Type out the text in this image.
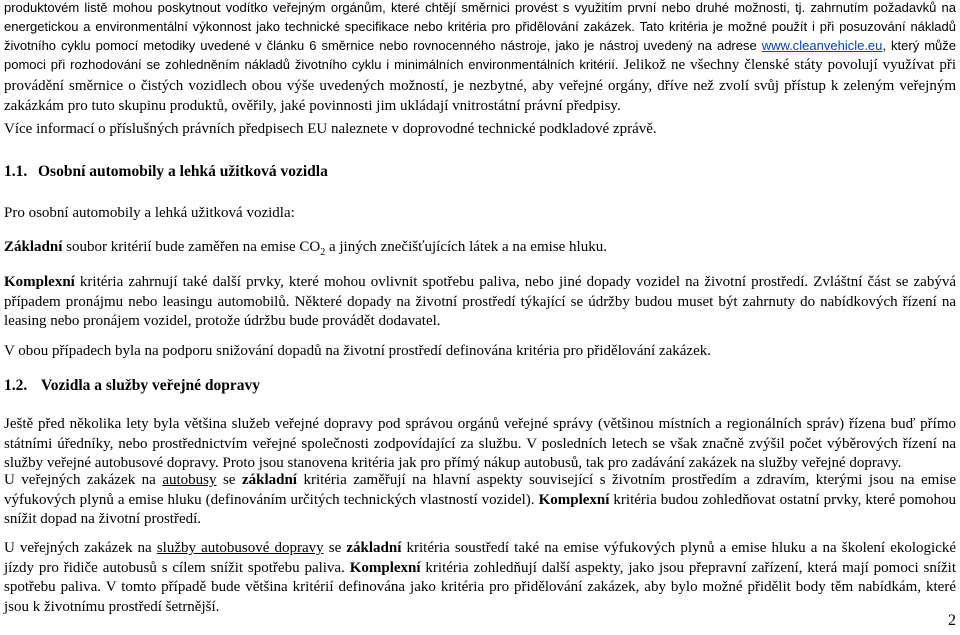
produktovém listě mohou poskytnout vodítko veřejným orgánům, které chtějí směrnici provést s využitím první nebo druhé možnosti, tj. zahrnutím požadavků na energetickou a environmentální výkonnost jako technické specifikace nebo kritéria pro přidělování zakázek. Tato kritéria je možné použít i při posuzování nákladů životního cyklu pomocí metodiky uvedené v článku 6 směrnice nebo rovnocenného nástroje, jako je nástroj uvedený na adrese www.cleanvehicle.eu, který může pomoci při rozhodování se zohledněním nákladů životního cyklu i minimálních environmentálních kritérií. Jelikož ne všechny členské státy povolují využívat při provádění směrnice o čistých vozidlech obou výše uvedených možností, je nezbytné, aby veřejné orgány, dříve než zvolí svůj přístup k zeleným veřejným zakázkám pro tuto skupinu produktů, ověřily, jaké povinnosti jim ukládají vnitrostátní právní předpisy.

Více informací o příslušných právních předpisech EU naleznete v doprovodné technické podkladové zprávě.

1.1. Osobní automobily a lehká užitková vozidla

Pro osobní automobily a lehká užitková vozidla:

Základní soubor kritérií bude zaměřen na emise $CO_2$ a jiných znečišťujících látek a na emise hluku.

Komplexní kritéria zahrnují také další prvky, které mohou ovlivnit spotřebu paliva, nebo jiné dopady vozidel na životní prostředí. Zvláštní část se zabývá případem pronájmu nebo leasingu automobilů. Některé dopady na životní prostředí týkající se údržby budou muset být zahrnuty do nabídkových řízení na leasing nebo pronájem vozidel, protože údržbu bude provádět dodavatel.

V obou případech byla na podporu snižování dopadů na životní prostředí definována kritéria pro přidělování zakázek.

1.2. Vozidla a služby veřejné dopravy

Ještě před několika lety byla většina služeb veřejné dopravy pod správou orgánů veřejné správy (většinou místních a regionálních správ) řízena buď přímo státními úředníky, nebo prostřednictvím veřejné společnosti zodpovídající za službu. V posledních letech se však značně zvýšil počet výběrových řízení na služby veřejné autobusové dopravy. Proto jsou stanovena kritéria jak pro přímý nákup autobusů, tak pro zadávání zakázek na služby veřejné dopravy.

U veřejných zakázek na autobusy se základní kritéria zaměřují na hlavní aspekty související s životním prostředím a zdravím, kterými jsou na emise výfukových plynů a emise hluku (definováním určitých technických vlastností vozidel). Komplexní kritéria budou zohledňovat ostatní prvky, které pomohou snížit dopad na životní prostředí.

U veřejných zakázek na služby autobusové dopravy se základní kritéria soustředí také na emise výfukových plynů a emise hluku a na školení ekologické jízdy pro řidiče autobusů s cílem snížit spotřebu paliva. Komplexní kritéria zohledňují další aspekty, jako jsou přepravní zařízení, která mají pomoci snížit spotřebu paliva. V tomto případě bude většina kritérií definována jako kritéria pro přidělování zakázek, aby bylo možné přidělit body těm nabídkám, které jsou k životnímu prostředí šetrnější.

2
